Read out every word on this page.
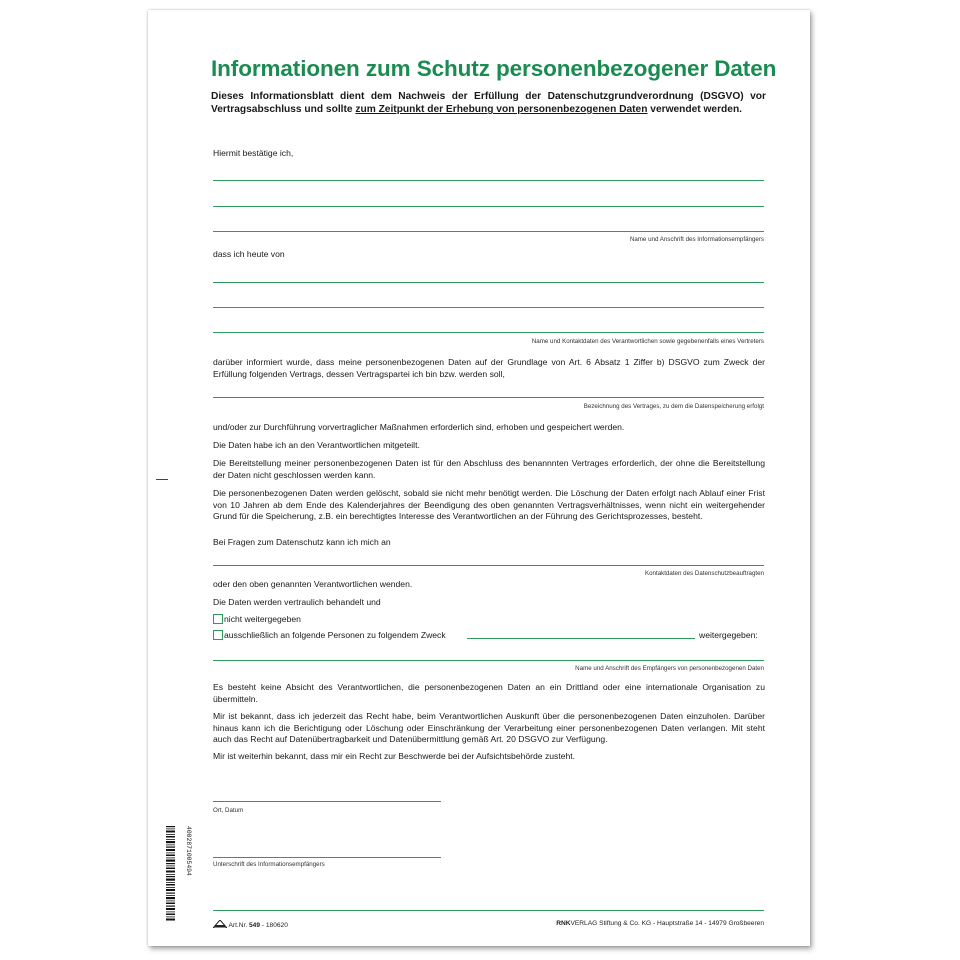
Informationen zum Schutz personenbezogener Daten
Dieses Informationsblatt dient dem Nachweis der Erfüllung der Datenschutzgrundverordnung (DSGVO) vor Vertragsabschluss und sollte zum Zeitpunkt der Erhebung von personenbezogenen Daten verwendet werden.
Hiermit bestätige ich,
Name und Anschrift des Informationsempfängers
dass ich heute von
Name und Kontaktdaten des Verantwortlichen sowie gegebenenfalls eines Vertreters
darüber informiert wurde, dass meine personenbezogenen Daten auf der Grundlage von Art. 6 Absatz 1 Ziffer b) DSGVO zum Zweck der Erfüllung folgenden Vertrags, dessen Vertragspartei ich bin bzw. werden soll,
Bezeichnung des Vertrages, zu dem die Datenspeicherung erfolgt
und/oder zur Durchführung vorvertraglicher Maßnahmen erforderlich sind, erhoben und gespeichert werden.
Die Daten habe ich an den Verantwortlichen mitgeteilt.
Die Bereitstellung meiner personenbezogenen Daten ist für den Abschluss des benannnten Vertrages erforderlich, der ohne die Bereitstellung der Daten nicht geschlossen werden kann.
Die personenbezogenen Daten werden gelöscht, sobald sie nicht mehr benötigt werden. Die Löschung der Daten erfolgt nach Ablauf einer Frist von 10 Jahren ab dem Ende des Kalenderjahres der Beendigung des oben genannten Vertragsverhältnisses, wenn nicht ein weitergehender Grund für die Speicherung, z.B. ein berechtigtes Interesse des Verantwortlichen an der Führung des Gerichtsprozesses, besteht.
Bei Fragen zum Datenschutz kann ich mich an
Kontaktdaten des Datenschutzbeauftragten
oder den oben genannten Verantwortlichen wenden.
Die Daten werden vertraulich behandelt und
nicht weitergegeben
ausschließlich an folgende Personen zu folgendem Zweck	weitergegeben:
Name und Anschrift des Empfängers von personenbezogenen Daten
Es besteht keine Absicht des Verantwortlichen, die personenbezogenen Daten an ein Drittland oder eine internationale Organisation zu übermitteln.
Mir ist bekannt, dass ich jederzeit das Recht habe, beim Verantwortlichen Auskunft über die personenbezogenen Daten einzuholen. Darüber hinaus kann ich die Berichtigung oder Löschung oder Einschränkung der Verarbeitung einer personenbezogenen Daten verlangen. Mit steht auch das Recht auf Datenübertragbarkeit und Datenübermittlung gemäß Art. 20 DSGVO zur Verfügung.
Mir ist weiterhin bekannt, dass mir ein Recht zur Beschwerde bei der Aufsichtsbehörde zusteht.
Ort, Datum
Unterschrift des Informationsempfängers
4002871005494
Art.Nr. 549 - 180620	RNKVERLAG Stiftung & Co. KG - Hauptstraße 14 - 14979 Großbeeren
